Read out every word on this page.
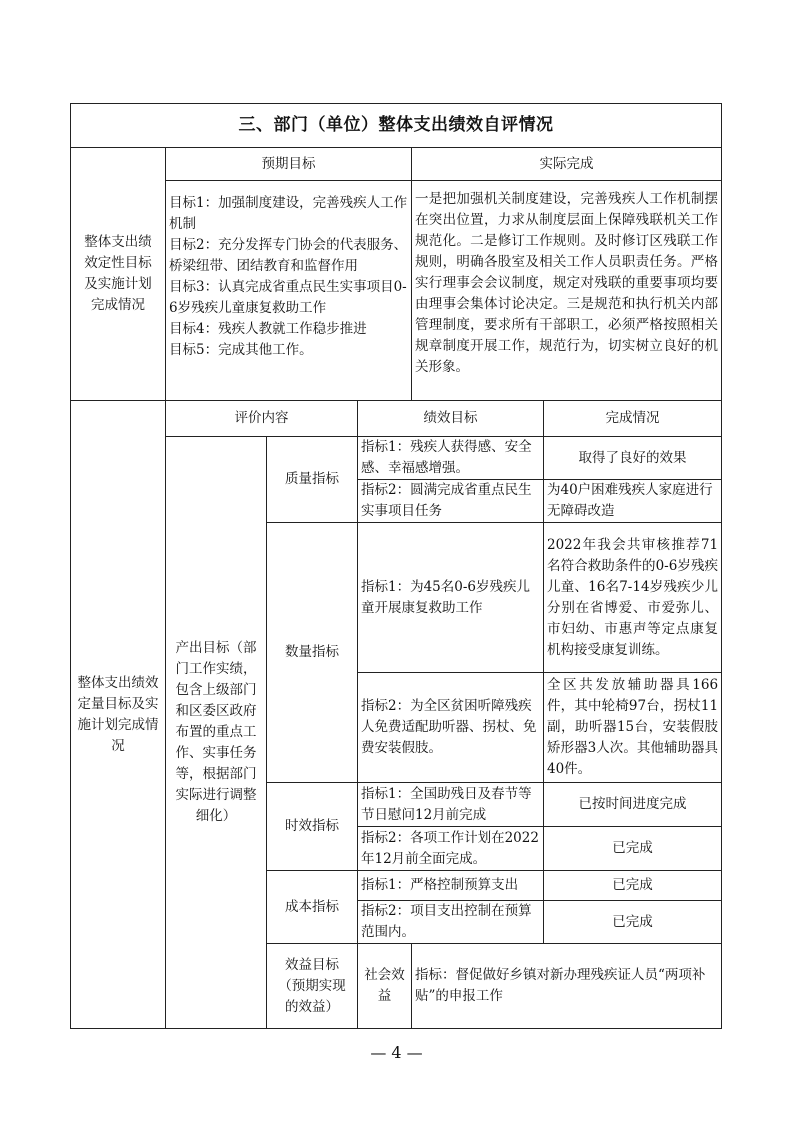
三、部门（单位）整体支出绩效自评情况						
整体支出绩效定性目标及实施计划完成情况	预期目标			实际完成		
	目标1：加强制度建设，完善残疾人工作机制
目标2：充分发挥专门协会的代表服务、桥梁纽带、团结教育和监督作用
目标3：认真完成省重点民生实事项目0-6岁残疾儿童康复救助工作
目标4：残疾人教就工作稳步推进
目标5：完成其他工作。			一是把加强机关制度建设，完善残疾人工作机制摆在突出位置，力求从制度层面上保障残联机关工作规范化。二是修订工作规则。及时修订区残联工作规则，明确各股室及相关工作人员职责任务。严格实行理事会会议制度，规定对残联的重要事项均要由理事会集体讨论决定。三是规范和执行机关内部管理制度，要求所有干部职工，必须严格按照相关规章制度开展工作，规范行为，切实树立良好的机关形象。		
整体支出绩效定量目标及实施计划完成情况	评价内容		绩效目标		完成情况	
	产出目标（部门工作实绩，包含上级部门和区委区政府布置的重点工作、实事任务等，根据部门实际进行调整细化）	质量指标	指标1：残疾人获得感、安全感、幸福感增强。		取得了良好的效果	
			指标2：圆满完成省重点民生实事项目任务		为40户困难残疾人家庭进行无障碍改造	
		数量指标	指标1：为45名0-6岁残疾儿童开展康复救助工作		2022年我会共审核推荐71名符合救助条件的0-6岁残疾儿童、16名7-14岁残疾少儿分别在省博爱、市爱弥儿、市妇幼、市惠声等定点康复机构接受康复训练。	
			指标2：为全区贫困听障残疾人免费适配助听器、拐杖、免费安装假肢。		全区共发放辅助器具166件，其中轮椅97台，拐杖11副，助听器15台，安装假肢矫形器3人次。其他辅助器具40件。	
		时效指标	指标1：全国助残日及春节等节日慰问12月前完成		已按时间进度完成	
			指标2：各项工作计划在2022年12月前全面完成。		已完成	
		成本指标	指标1：严格控制预算支出		已完成	
			指标2：项目支出控制在预算范围内。		已完成	
		效益目标（预期实现的效益）	社会效益	指标：督促做好乡镇对新办理残疾证人员“两项补贴”的申报工作	
— 4 —
